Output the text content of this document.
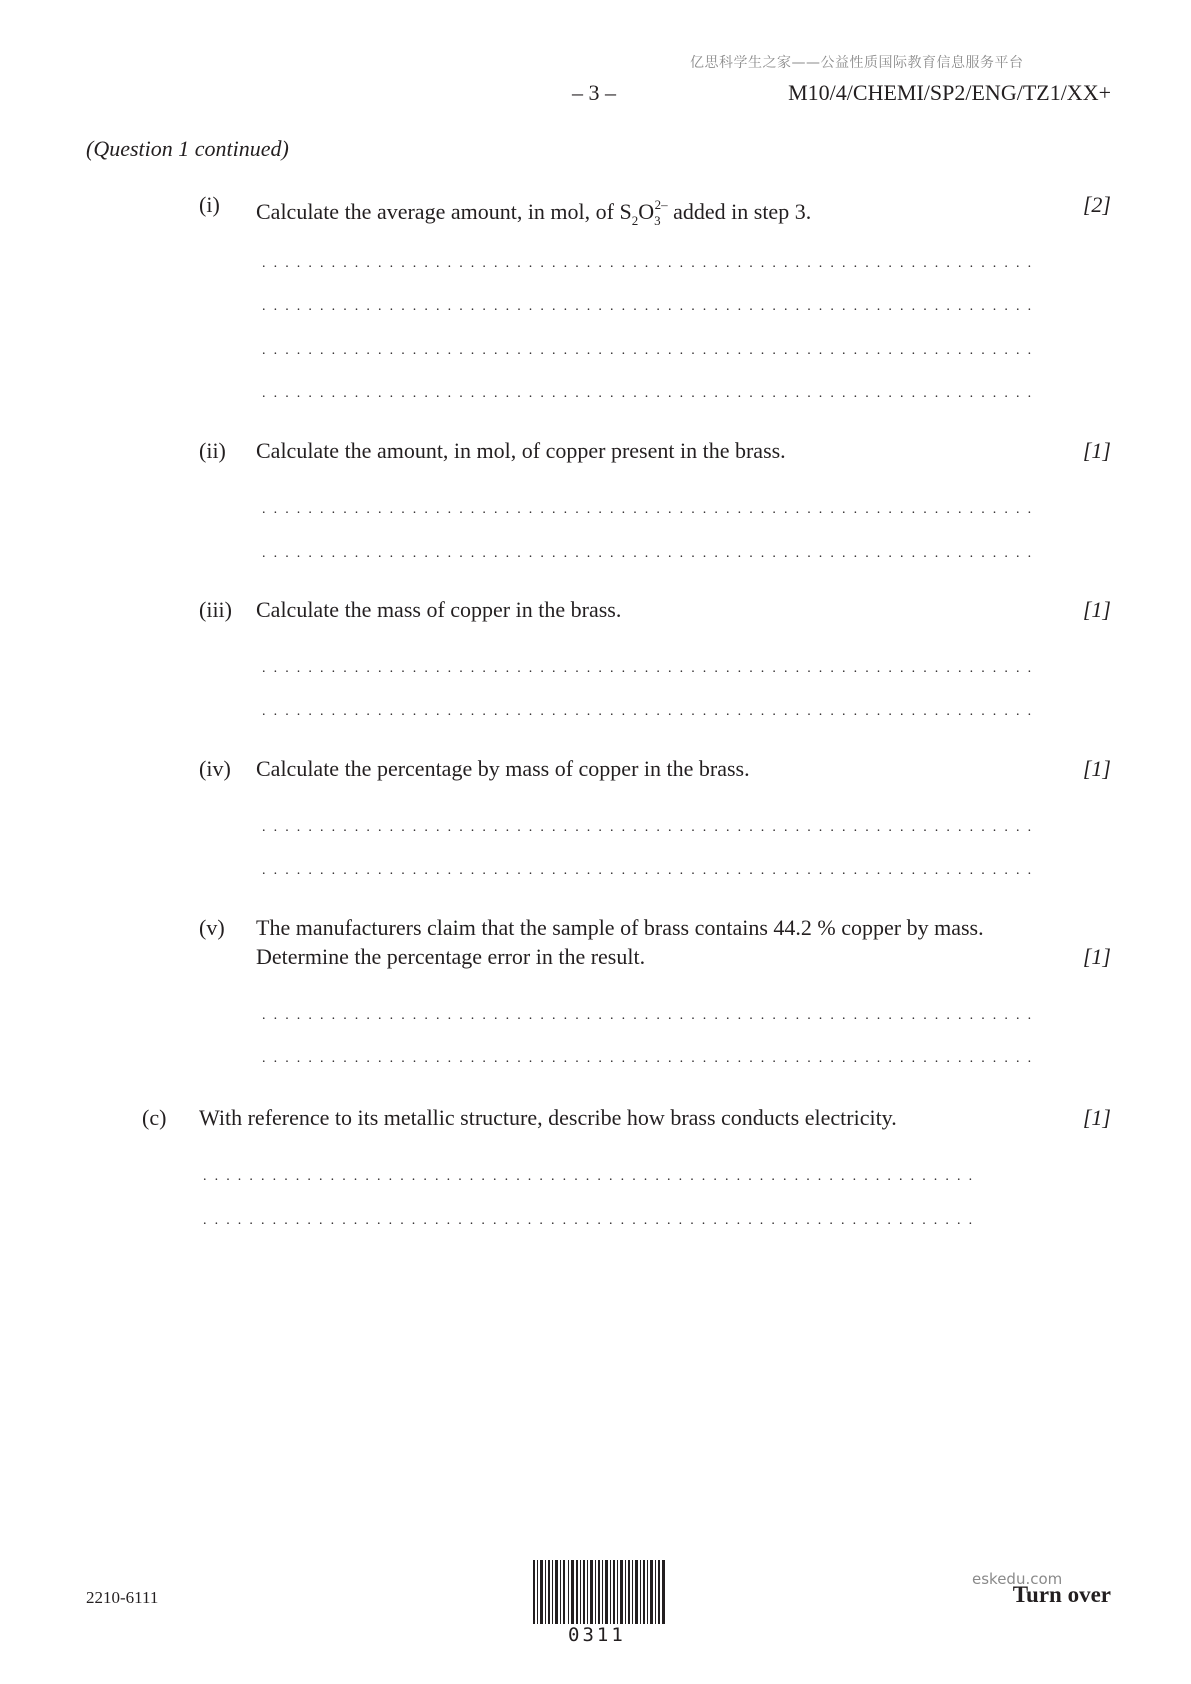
亿思科学生之家——公益性质国际教育信息服务平台
– 3 –	M10/4/CHEMI/SP2/ENG/TZ1/XX+
(Question 1 continued)
(i) Calculate the average amount, in mol, of $S_2O_3^{2-}$ added in step 3.	[2]
...................................................................
...................................................................
...................................................................
...................................................................
(ii) Calculate the amount, in mol, of copper present in the brass.	[1]
...................................................................
...................................................................
(iii) Calculate the mass of copper in the brass.	[1]
...................................................................
...................................................................
(iv) Calculate the percentage by mass of copper in the brass.	[1]
...................................................................
...................................................................
(v) The manufacturers claim that the sample of brass contains 44.2 % copper by mass.
Determine the percentage error in the result.	[1]
...................................................................
...................................................................
(c) With reference to its metallic structure, describe how brass conducts electricity.	[1]
...................................................................
...................................................................
2210-6111
0311
eskedu.com
Turn over
